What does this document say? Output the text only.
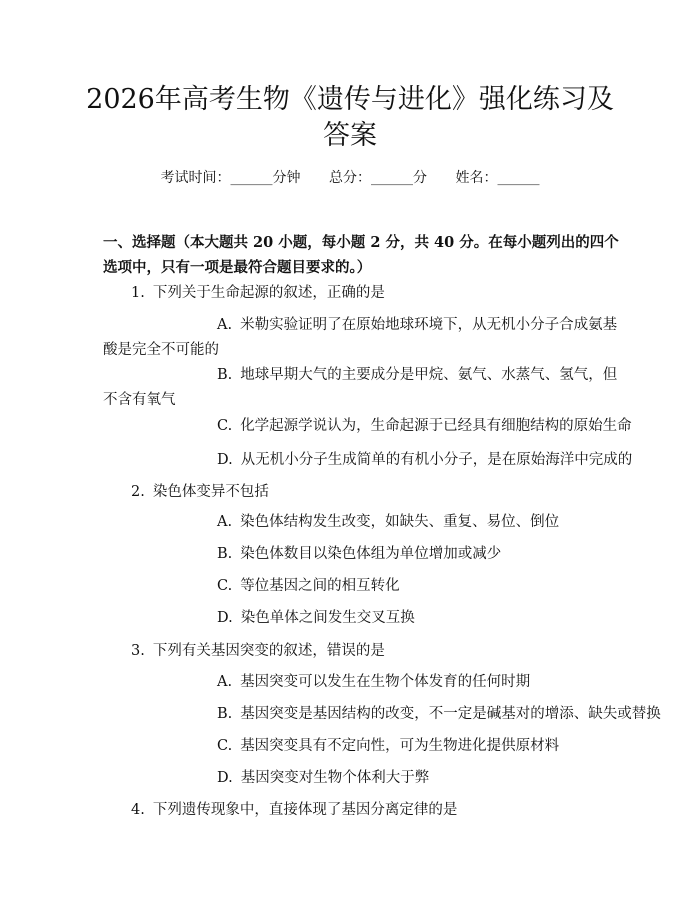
2026年高考生物《遗传与进化》强化练习及
答案
考试时间：______分钟 总分：______分 姓名：______

一、选择题（本大题共 20 小题，每小题 2 分，共 40 分。在每小题列出的四个选项中，只有一项是最符合题目要求的。）

1. 下列关于生命起源的叙述，正确的是

A. 米勒实验证明了在原始地球环境下，从无机小分子合成氨基酸是完全不可能的

B. 地球早期大气的主要成分是甲烷、氨气、水蒸气、氢气，但不含有氧气

C. 化学起源学说认为，生命起源于已经具有细胞结构的原始生命

D. 从无机小分子生成简单的有机小分子，是在原始海洋中完成的

2. 染色体变异不包括

A. 染色体结构发生改变，如缺失、重复、易位、倒位

B. 染色体数目以染色体组为单位增加或减少

C. 等位基因之间的相互转化

D. 染色单体之间发生交叉互换

3. 下列有关基因突变的叙述，错误的是

A. 基因突变可以发生在生物个体发育的任何时期

B. 基因突变是基因结构的改变，不一定是碱基对的增添、缺失或替换

C. 基因突变具有不定向性，可为生物进化提供原材料

D. 基因突变对生物个体利大于弊

4. 下列遗传现象中，直接体现了基因分离定律的是
